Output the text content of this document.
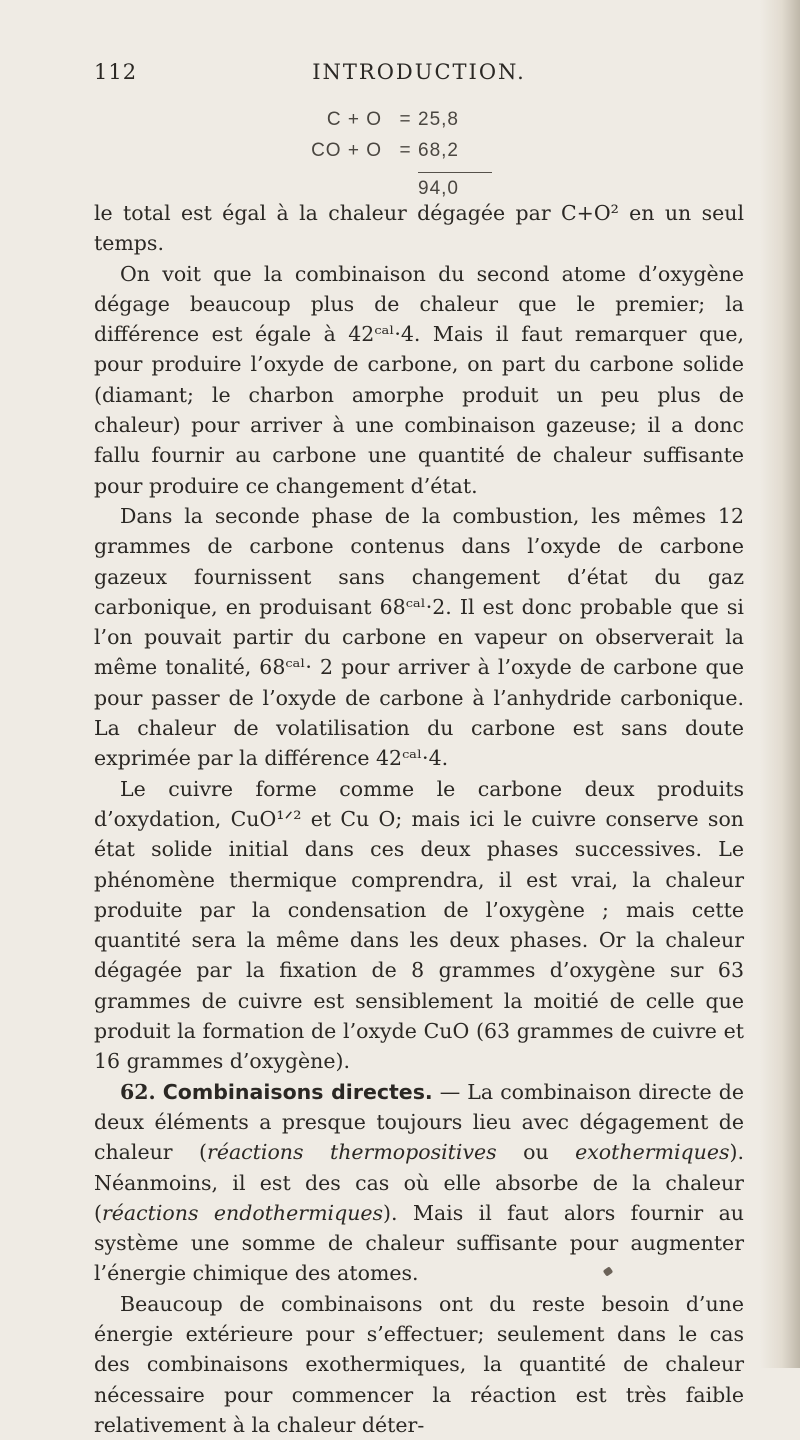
112	INTRODUCTION.
C + O = 25,8
CO + O = 68,2
94,0

le total est égal à la chaleur dégagée par C+O² en un seul temps.

On voit que la combinaison du second atome d’oxygène dégage beaucoup plus de chaleur que le premier; la différence est égale à 42ᶜᵃˡ·4. Mais il faut remarquer que, pour produire l’oxyde de carbone, on part du carbone solide (diamant; le charbon amorphe produit un peu plus de chaleur) pour arriver à une combinaison gazeuse; il a donc fallu fournir au carbone une quantité de chaleur suffisante pour produire ce changement d’état.

Dans la seconde phase de la combustion, les mêmes 12 grammes de carbone contenus dans l’oxyde de carbone gazeux fournissent sans changement d’état du gaz carbonique, en produisant 68ᶜᵃˡ·2. Il est donc probable que si l’on pouvait partir du carbone en vapeur on observerait la même tonalité, 68ᶜᵃˡ· 2 pour arriver à l’oxyde de carbone que pour passer de l’oxyde de carbone à l’anhydride carbonique. La chaleur de volatilisation du carbone est sans doute exprimée par la différence 42ᶜᵃˡ·4.

Le cuivre forme comme le carbone deux produits d’oxydation, CuO¹ᐟ² et Cu O; mais ici le cuivre conserve son état solide initial dans ces deux phases successives. Le phénomène thermique comprendra, il est vrai, la chaleur produite par la condensation de l’oxygène ; mais cette quantité sera la même dans les deux phases. Or la chaleur dégagée par la fixation de 8 grammes d’oxygène sur 63 grammes de cuivre est sensiblement la moitié de celle que produit la formation de l’oxyde CuO (63 grammes de cuivre et 16 grammes d’oxygène).

62. Combinaisons directes. — La combinaison directe de deux éléments a presque toujours lieu avec dégagement de chaleur (réactions thermopositives ou exothermiques). Néanmoins, il est des cas où elle absorbe de la chaleur (réactions endothermiques). Mais il faut alors fournir au système une somme de chaleur suffisante pour augmenter l’énergie chimique des atomes.

Beaucoup de combinaisons ont du reste besoin d’une énergie extérieure pour s’effectuer; seulement dans le cas des combinaisons exothermiques, la quantité de chaleur nécessaire pour commencer la réaction est très faible relativement à la chaleur déter-
